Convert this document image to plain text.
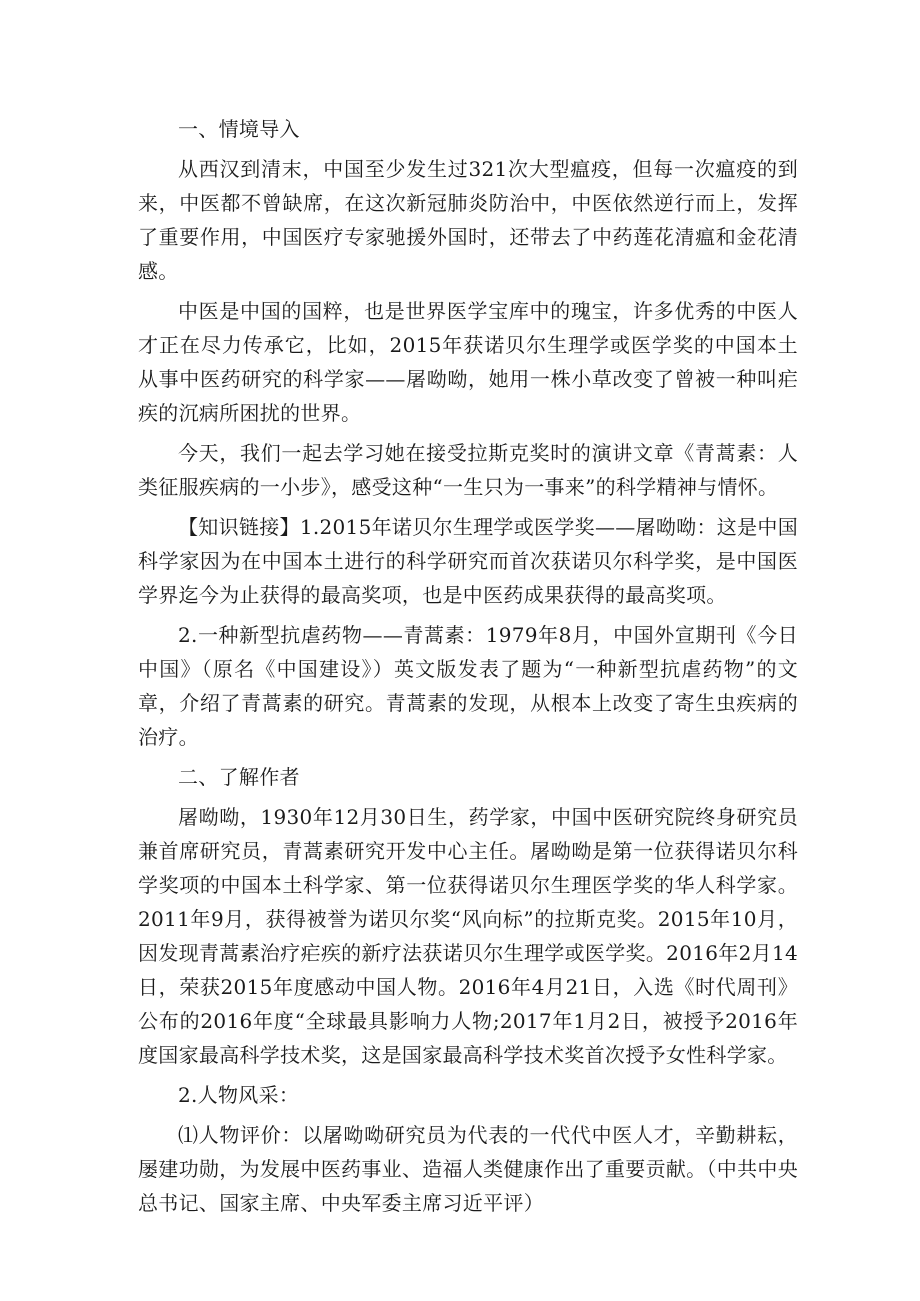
一、情境导入

从西汉到清末，中国至少发生过321次大型瘟疫，但每一次瘟疫的到来，中医都不曾缺席，在这次新冠肺炎防治中，中医依然逆行而上，发挥了重要作用，中国医疗专家驰援外国时，还带去了中药莲花清瘟和金花清感。

中医是中国的国粹，也是世界医学宝库中的瑰宝，许多优秀的中医人才正在尽力传承它，比如，2015年获诺贝尔生理学或医学奖的中国本土从事中医药研究的科学家——屠呦呦，她用一株小草改变了曾被一种叫疟疾的沉病所困扰的世界。

今天，我们一起去学习她在接受拉斯克奖时的演讲文章《青蒿素：人类征服疾病的一小步》，感受这种“一生只为一事来”的科学精神与情怀。

【知识链接】1.2015年诺贝尔生理学或医学奖——屠呦呦：这是中国科学家因为在中国本土进行的科学研究而首次获诺贝尔科学奖，是中国医学界迄今为止获得的最高奖项，也是中医药成果获得的最高奖项。

2.一种新型抗虐药物——青蒿素：1979年8月，中国外宣期刊《今日中国》（原名《中国建设》）英文版发表了题为“一种新型抗虐药物”的文章，介绍了青蒿素的研究。青蒿素的发现，从根本上改变了寄生虫疾病的治疗。

二、了解作者

屠呦呦，1930年12月30日生，药学家，中国中医研究院终身研究员兼首席研究员，青蒿素研究开发中心主任。屠呦呦是第一位获得诺贝尔科学奖项的中国本土科学家、第一位获得诺贝尔生理医学奖的华人科学家。2011年9月，获得被誉为诺贝尔奖“风向标”的拉斯克奖。2015年10月，因发现青蒿素治疗疟疾的新疗法获诺贝尔生理学或医学奖。2016年2月14日，荣获2015年度感动中国人物。2016年4月21日，入选《时代周刊》公布的2016年度“全球最具影响力人物;2017年1月2日，被授予2016年度国家最高科学技术奖，这是国家最高科学技术奖首次授予女性科学家。

2.人物风采：

⑴人物评价：以屠呦呦研究员为代表的一代代中医人才，辛勤耕耘，屡建功勋，为发展中医药事业、造福人类健康作出了重要贡献。（中共中央总书记、国家主席、中央军委主席习近平评）
